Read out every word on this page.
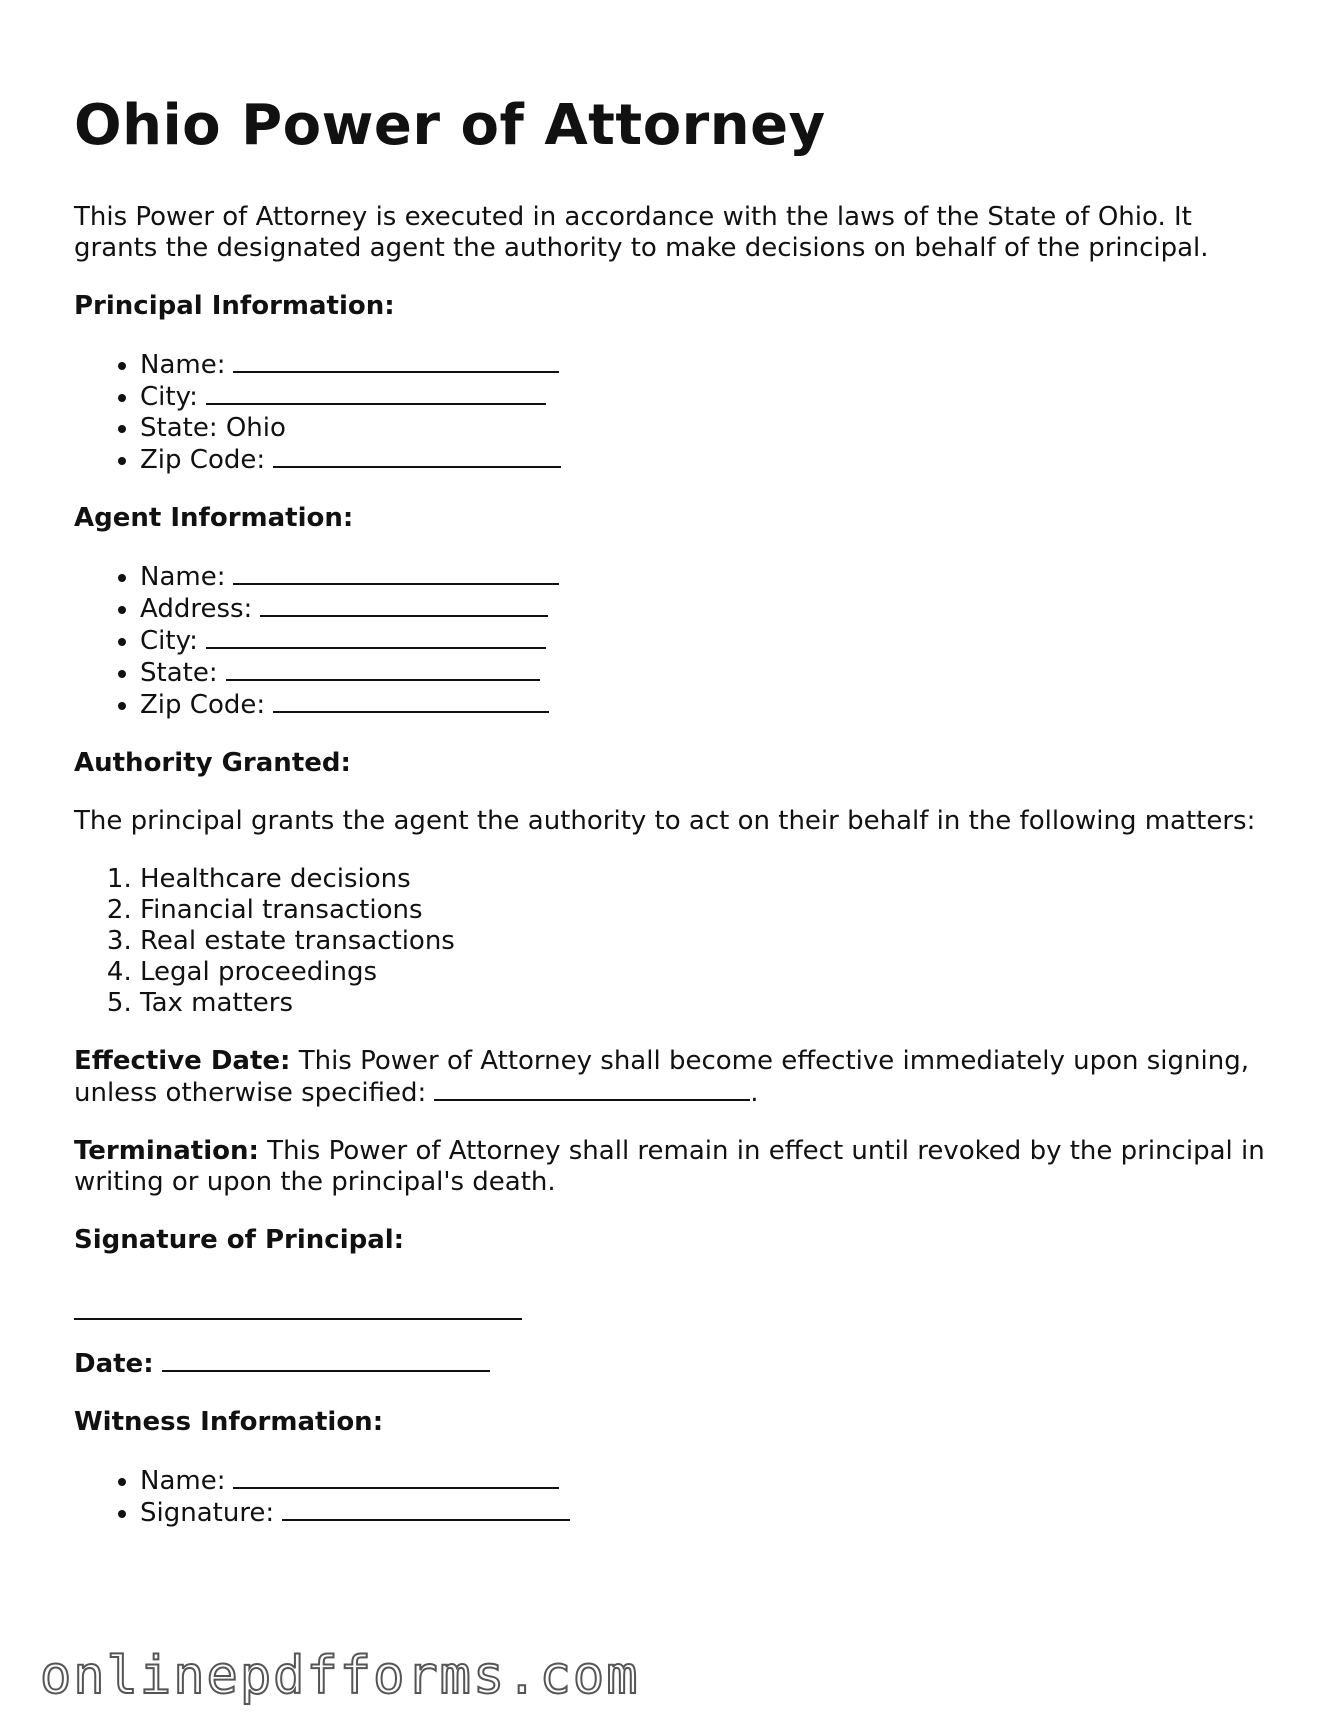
Ohio Power of Attorney

This Power of Attorney is executed in accordance with the laws of the State of Ohio. It grants the designated agent the authority to make decisions on behalf of the principal.

Principal Information:

• Name:
• City:
• State: Ohio
• Zip Code:

Agent Information:

• Name:
• Address:
• City:
• State:
• Zip Code:

Authority Granted:

The principal grants the agent the authority to act on their behalf in the following matters:

1. Healthcare decisions
2. Financial transactions
3. Real estate transactions
4. Legal proceedings
5. Tax matters

Effective Date: This Power of Attorney shall become effective immediately upon signing, unless otherwise specified:	.

Termination: This Power of Attorney shall remain in effect until revoked by the principal in writing or upon the principal's death.

Signature of Principal:

Date:

Witness Information:

• Name:
• Signature:
onlinepdfforms.com
